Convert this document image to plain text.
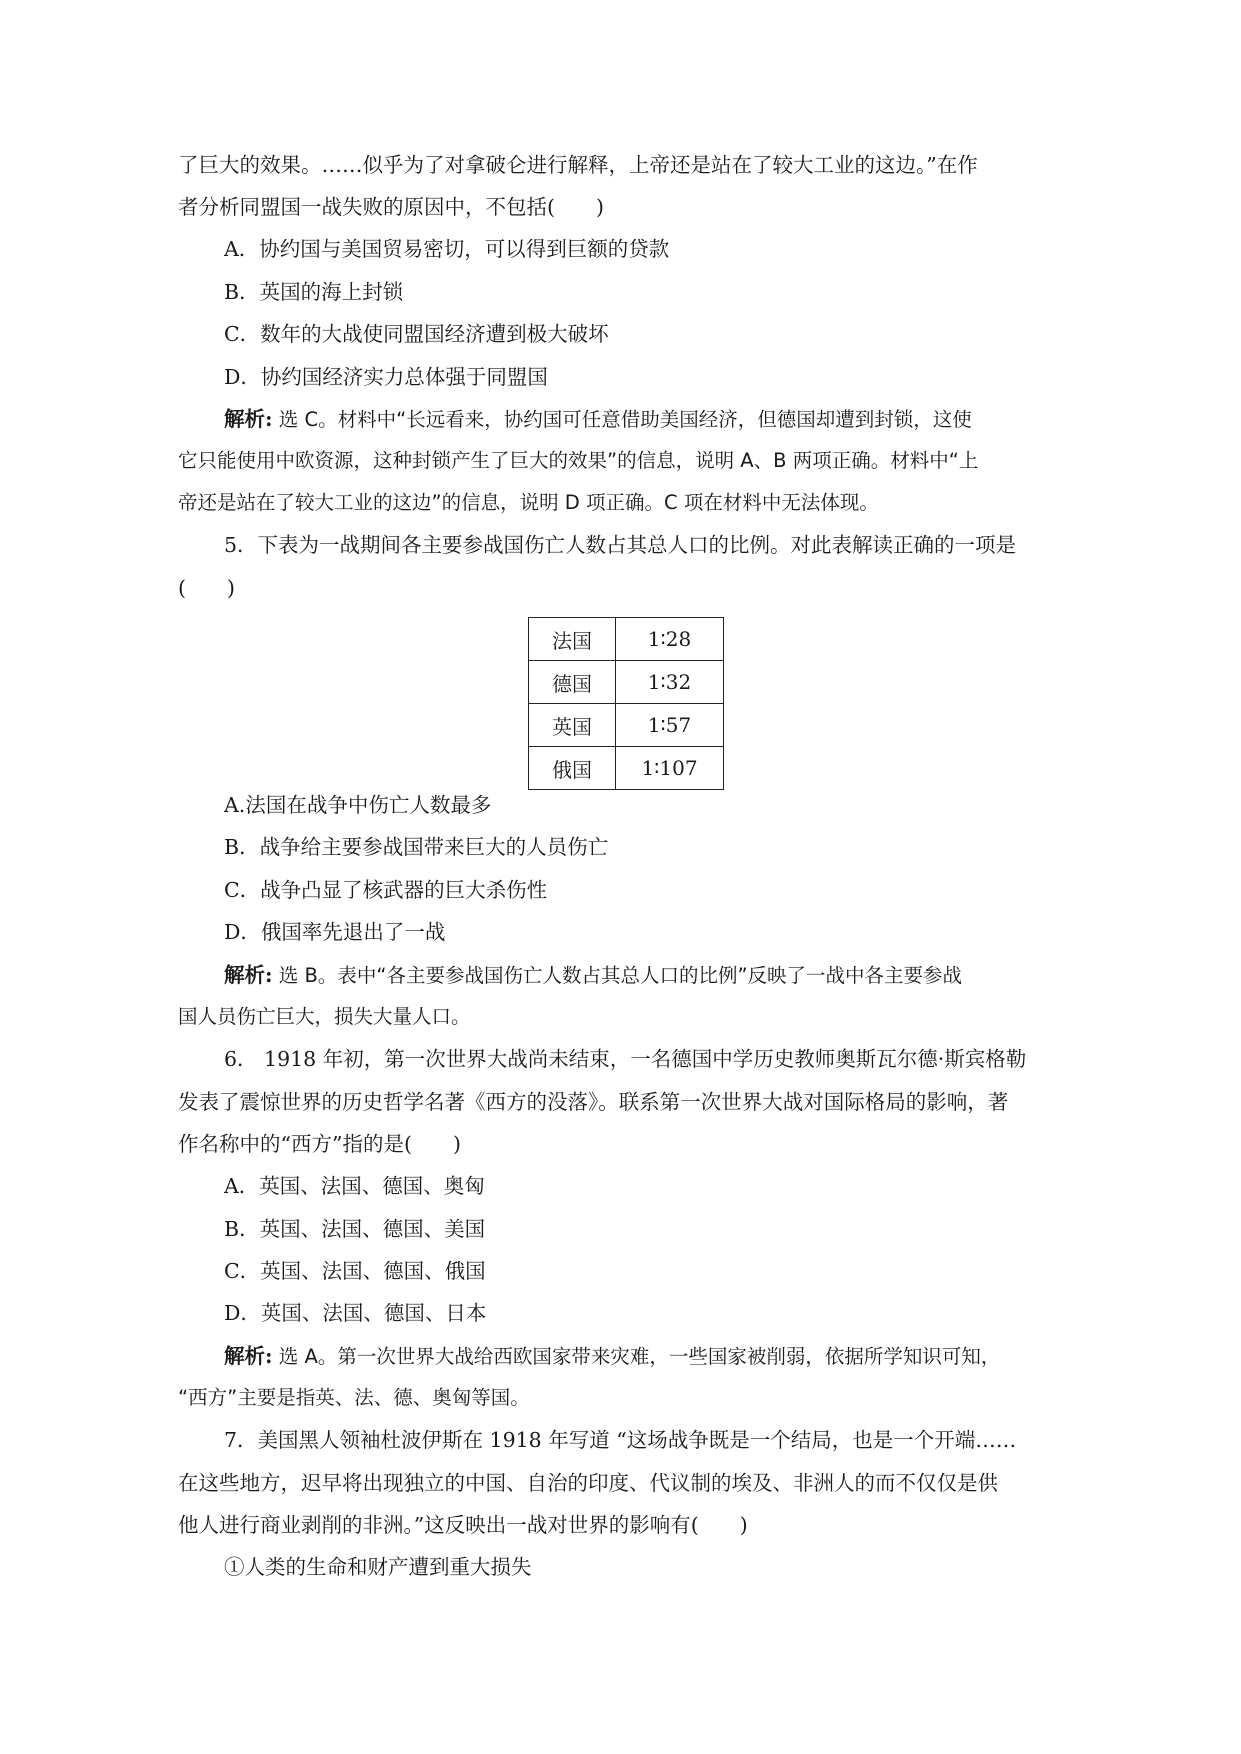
了巨大的效果。……似乎为了对拿破仑进行解释，上帝还是站在了较大工业的这边。”在作
者分析同盟国一战失败的原因中，不包括(　　)
A．协约国与美国贸易密切，可以得到巨额的贷款
B．英国的海上封锁
C．数年的大战使同盟国经济遭到极大破坏
D．协约国经济实力总体强于同盟国
解析: 选 C。材料中“长远看来，协约国可任意借助美国经济，但德国却遭到封锁，这使
它只能使用中欧资源，这种封锁产生了巨大的效果”的信息，说明 A、B 两项正确。材料中“上
帝还是站在了较大工业的这边”的信息，说明 D 项正确。C 项在材料中无法体现。
5．下表为一战期间各主要参战国伤亡人数占其总人口的比例。对此表解读正确的一项是
(　　)
法国	1∶28
德国	1∶32
英国	1∶57
俄国	1∶107
A.法国在战争中伤亡人数最多
B．战争给主要参战国带来巨大的人员伤亡
C．战争凸显了核武器的巨大杀伤性
D．俄国率先退出了一战
解析: 选 B。表中“各主要参战国伤亡人数占其总人口的比例”反映了一战中各主要参战
国人员伤亡巨大，损失大量人口。
6． 1918 年初，第一次世界大战尚未结束，一名德国中学历史教师奥斯瓦尔德·斯宾格勒
发表了震惊世界的历史哲学名著《西方的没落》。联系第一次世界大战对国际格局的影响，著
作名称中的“西方”指的是(　　)
A．英国、法国、德国、奥匈
B．英国、法国、德国、美国
C．英国、法国、德国、俄国
D．英国、法国、德国、日本
解析: 选 A。第一次世界大战给西欧国家带来灾难，一些国家被削弱，依据所学知识可知，
“西方”主要是指英、法、德、奥匈等国。
7．美国黑人领袖杜波伊斯在 1918 年写道 “这场战争既是一个结局，也是一个开端……
在这些地方，迟早将出现独立的中国、自治的印度、代议制的埃及、非洲人的而不仅仅是供
他人进行商业剥削的非洲。”这反映出一战对世界的影响有(　　)
①人类的生命和财产遭到重大损失
